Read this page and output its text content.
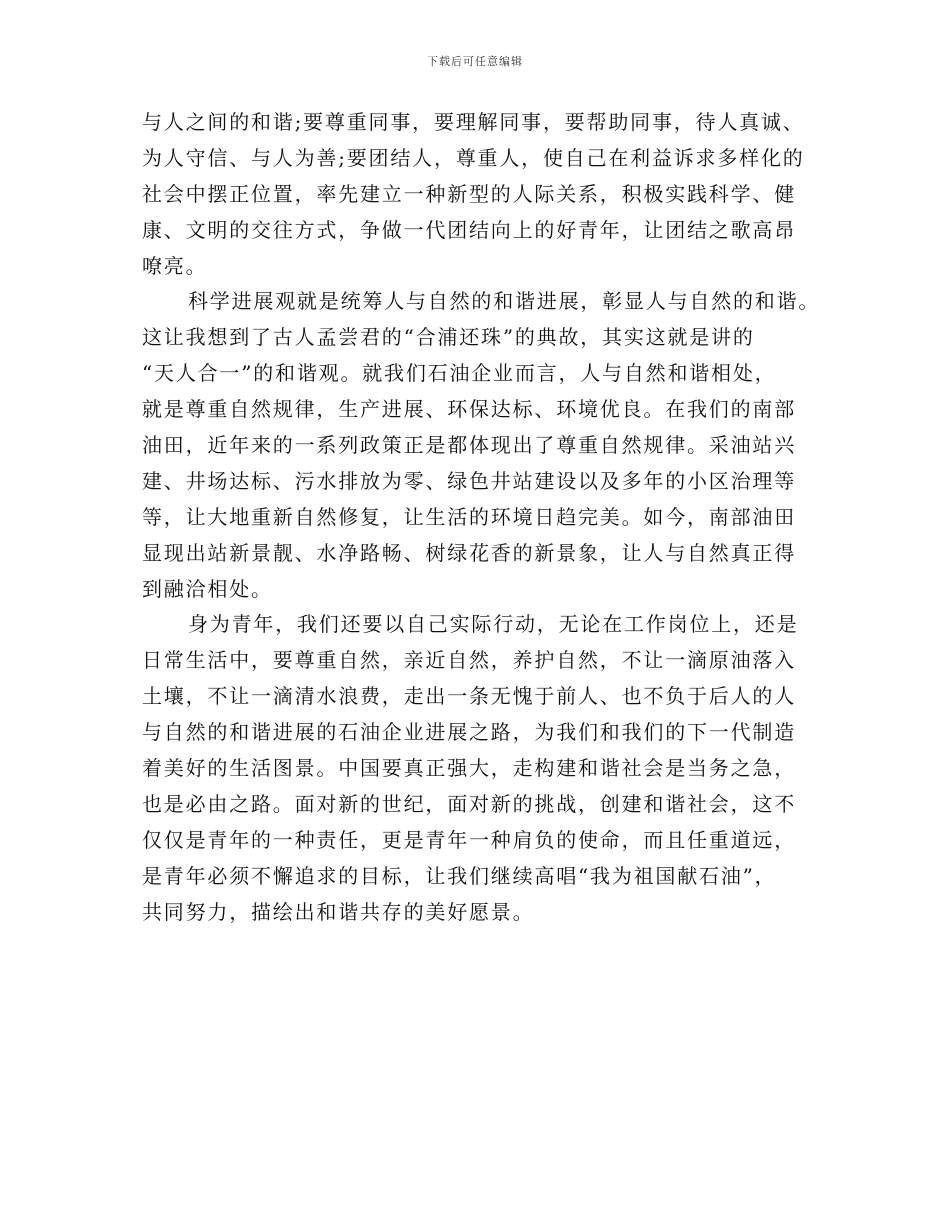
下载后可任意编辑
与人之间的和谐;要尊重同事，要理解同事，要帮助同事，待人真诚、
为人守信、与人为善;要团结人，尊重人，使自己在利益诉求多样化的
社会中摆正位置，率先建立一种新型的人际关系，积极实践科学、健
康、文明的交往方式，争做一代团结向上的好青年，让团结之歌高昂
嘹亮。
科学进展观就是统筹人与自然的和谐进展，彰显人与自然的和谐。
这让我想到了古人孟尝君的“合浦还珠”的典故，其实这就是讲的
“天人合一”的和谐观。就我们石油企业而言，人与自然和谐相处，
就是尊重自然规律，生产进展、环保达标、环境优良。在我们的南部
油田，近年来的一系列政策正是都体现出了尊重自然规律。采油站兴
建、井场达标、污水排放为零、绿色井站建设以及多年的小区治理等
等，让大地重新自然修复，让生活的环境日趋完美。如今，南部油田
显现出站新景靓、水净路畅、树绿花香的新景象，让人与自然真正得
到融洽相处。
身为青年，我们还要以自己实际行动，无论在工作岗位上，还是
日常生活中，要尊重自然，亲近自然，养护自然，不让一滴原油落入
土壤，不让一滴清水浪费，走出一条无愧于前人、也不负于后人的人
与自然的和谐进展的石油企业进展之路，为我们和我们的下一代制造
着美好的生活图景。中国要真正强大，走构建和谐社会是当务之急，
也是必由之路。面对新的世纪，面对新的挑战，创建和谐社会，这不
仅仅是青年的一种责任，更是青年一种肩负的使命，而且任重道远，
是青年必须不懈追求的目标，让我们继续高唱“我为祖国献石油”，
共同努力，描绘出和谐共存的美好愿景。
